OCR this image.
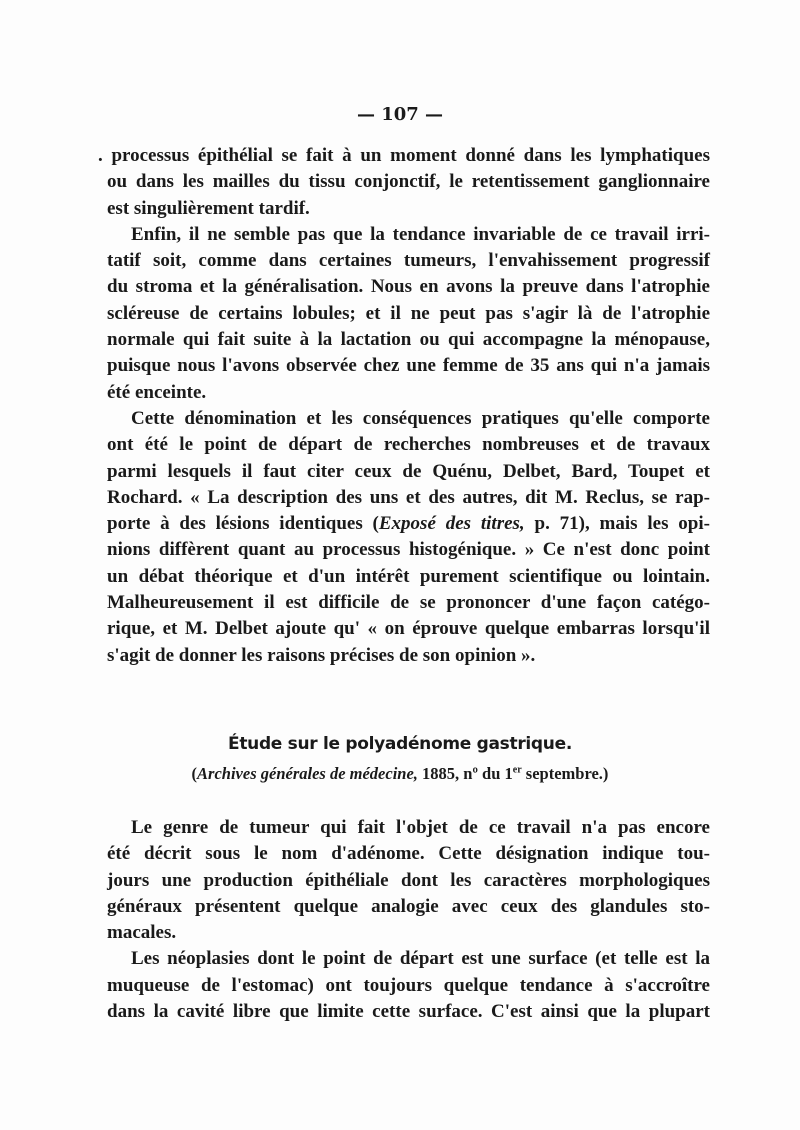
— 107 —
. processus épithélial se fait à un moment donné dans les lymphatiques
ou dans les mailles du tissu conjonctif, le retentissement ganglionnaire
est singulièrement tardif.
Enfin, il ne semble pas que la tendance invariable de ce travail irri-
tatif soit, comme dans certaines tumeurs, l'envahissement progressif
du stroma et la généralisation. Nous en avons la preuve dans l'atrophie
scléreuse de certains lobules; et il ne peut pas s'agir là de l'atrophie
normale qui fait suite à la lactation ou qui accompagne la ménopause,
puisque nous l'avons observée chez une femme de 35 ans qui n'a jamais
été enceinte.
Cette dénomination et les conséquences pratiques qu'elle comporte
ont été le point de départ de recherches nombreuses et de travaux
parmi lesquels il faut citer ceux de Quénu, Delbet, Bard, Toupet et
Rochard. « La description des uns et des autres, dit M. Reclus, se rap-
porte à des lésions identiques (Exposé des titres, p. 71), mais les opi-
nions diffèrent quant au processus histogénique. » Ce n'est donc point
un débat théorique et d'un intérêt purement scientifique ou lointain.
Malheureusement il est difficile de se prononcer d'une façon catégo-
rique, et M. Delbet ajoute qu' « on éprouve quelque embarras lorsqu'il
s'agit de donner les raisons précises de son opinion ».
Étude sur le polyadénome gastrique.
(Archives générales de médecine, 1885, nº du 1er septembre.)
Le genre de tumeur qui fait l'objet de ce travail n'a pas encore
été décrit sous le nom d'adénome. Cette désignation indique tou-
jours une production épithéliale dont les caractères morphologiques
généraux présentent quelque analogie avec ceux des glandules sto-
macales.
Les néoplasies dont le point de départ est une surface (et telle est la
muqueuse de l'estomac) ont toujours quelque tendance à s'accroître
dans la cavité libre que limite cette surface. C'est ainsi que la plupart
